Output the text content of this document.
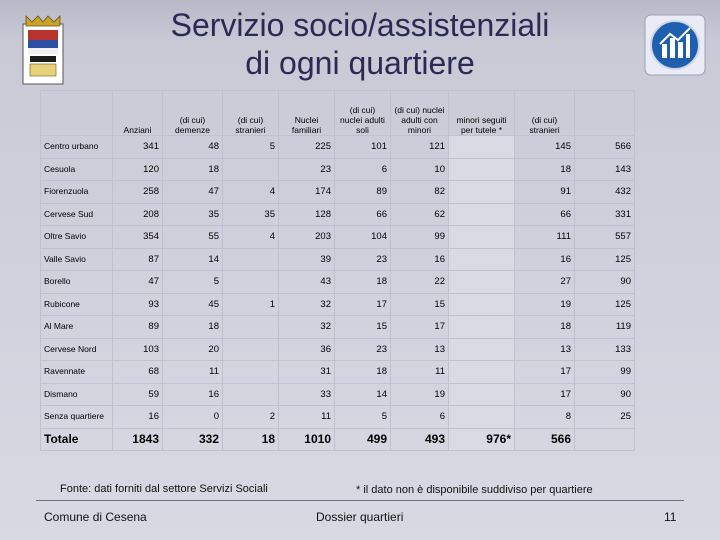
Servizio socio/assistenziali
di ogni quartiere
	Anziani	(di cui) demenze	(di cui) stranieri	Nuclei familiari	(di cui) nuclei adulti soli	(di cui) nuclei adulti con minori	minori seguiti per tutele *	(di cui) stranieri	
Centro urbano	341	48	5	225	101	121		145	566
Cesuola	120	18		23	6	10		18	143
Fiorenzuola	258	47	4	174	89	82		91	432
Cervese Sud	208	35	35	128	66	62		66	331
Oltre Savio	354	55	4	203	104	99		111	557
Valle Savio	87	14		39	23	16		16	125
Borello	47	5		43	18	22		27	90
Rubicone	93	45	1	32	17	15		19	125
Al Mare	89	18		32	15	17		18	119
Cervese Nord	103	20		36	23	13		13	133
Ravennate	68	11		31	18	11		17	99
Dismano	59	16		33	14	19		17	90
Senza quartiere	16	0	2	11	5	6		8	25
Totale	1843	332	18	1010	499	493	976*	566	
Fonte: dati forniti dal settore Servizi Sociali	* il dato non è disponibile suddiviso per quartiere
Comune di Cesena	Dossier quartieri	11
